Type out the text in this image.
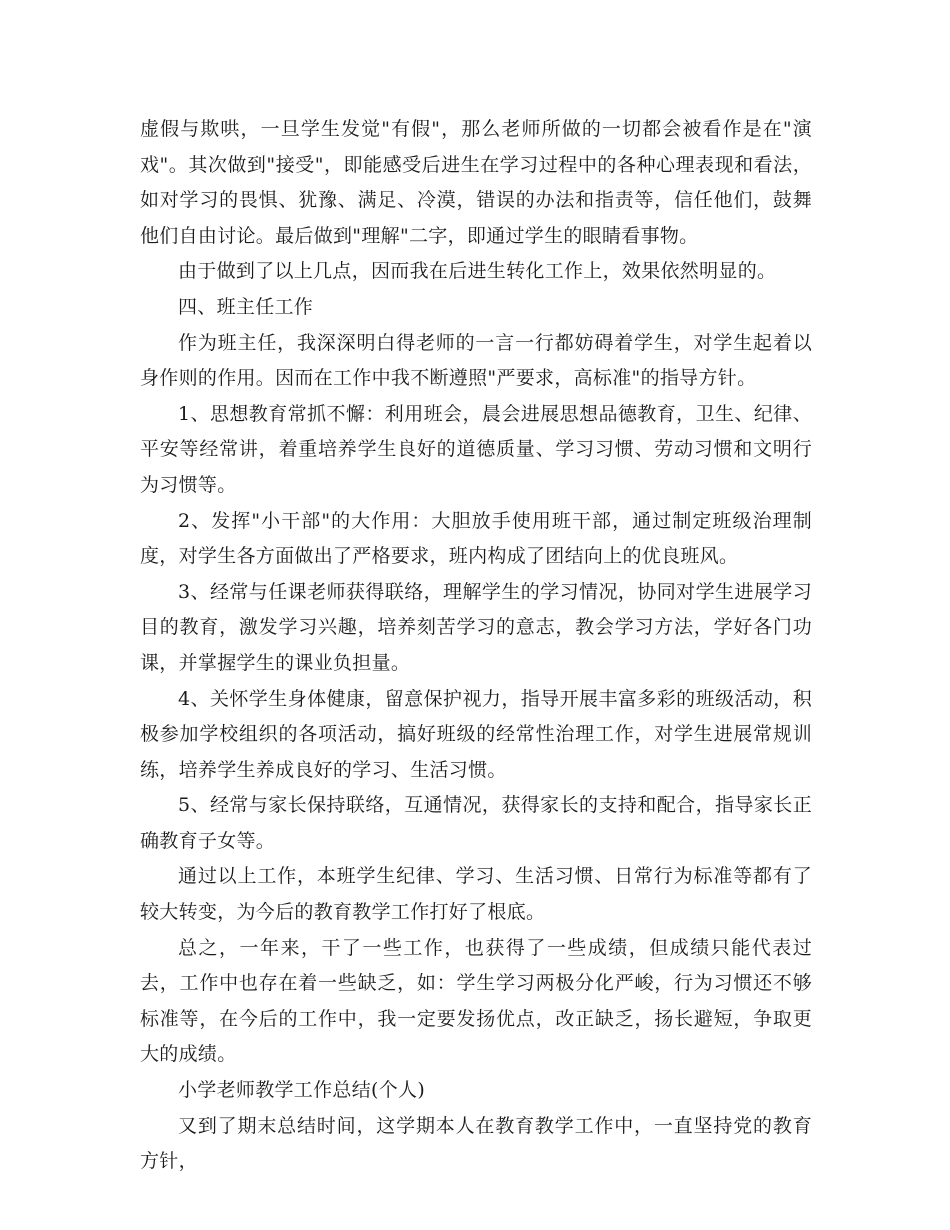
虚假与欺哄，一旦学生发觉"有假"，那么老师所做的一切都会被看作是在"演戏"。其次做到"接受"，即能感受后进生在学习过程中的各种心理表现和看法，如对学习的畏惧、犹豫、满足、冷漠，错误的办法和指责等，信任他们，鼓舞他们自由讨论。最后做到"理解"二字，即通过学生的眼睛看事物。

由于做到了以上几点，因而我在后进生转化工作上，效果依然明显的。

四、班主任工作

作为班主任，我深深明白得老师的一言一行都妨碍着学生，对学生起着以身作则的作用。因而在工作中我不断遵照"严要求，高标准"的指导方针。

1、思想教育常抓不懈：利用班会，晨会进展思想品德教育，卫生、纪律、平安等经常讲，着重培养学生良好的道德质量、学习习惯、劳动习惯和文明行为习惯等。

2、发挥"小干部"的大作用：大胆放手使用班干部，通过制定班级治理制度，对学生各方面做出了严格要求，班内构成了团结向上的优良班风。

3、经常与任课老师获得联络，理解学生的学习情况，协同对学生进展学习目的教育，激发学习兴趣，培养刻苦学习的意志，教会学习方法，学好各门功课，并掌握学生的课业负担量。

4、关怀学生身体健康，留意保护视力，指导开展丰富多彩的班级活动，积极参加学校组织的各项活动，搞好班级的经常性治理工作，对学生进展常规训练，培养学生养成良好的学习、生活习惯。

5、经常与家长保持联络，互通情况，获得家长的支持和配合，指导家长正确教育子女等。

通过以上工作，本班学生纪律、学习、生活习惯、日常行为标准等都有了较大转变，为今后的教育教学工作打好了根底。

总之，一年来，干了一些工作，也获得了一些成绩，但成绩只能代表过去，工作中也存在着一些缺乏，如：学生学习两极分化严峻，行为习惯还不够标准等，在今后的工作中，我一定要发扬优点，改正缺乏，扬长避短，争取更大的成绩。

小学老师教学工作总结(个人)

又到了期末总结时间，这学期本人在教育教学工作中，一直坚持党的教育方针，
